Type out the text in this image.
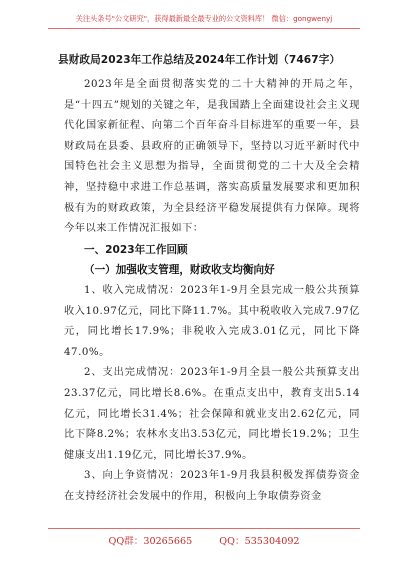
关注头条号"公文研究"，获得最新最全最专业的公文资料库！ 微信：gongwenyj
县财政局2023年工作总结及2024年工作计划（7467字）

2023年是全面贯彻落实党的二十大精神的开局之年，是“十四五”规划的关键之年，是我国踏上全面建设社会主义现代化国家新征程、向第二个百年奋斗目标进军的重要一年，县财政局在县委、县政府的正确领导下，坚持以习近平新时代中国特色社会主义思想为指导，全面贯彻党的二十大及全会精神，坚持稳中求进工作总基调，落实高质量发展要求和更加积极有为的财政政策，为全县经济平稳发展提供有力保障。现将今年以来工作情况汇报如下：

一、2023年工作回顾

（一）加强收支管理，财政收支均衡向好

1、收入完成情况：2023年1-9月全县完成一般公共预算收入10.97亿元，同比下降11.7%。其中税收收入完成7.97亿元，同比增长17.9%；非税收入完成3.01亿元，同比下降47.0%。

2、支出完成情况：2023年1-9月全县一般公共预算支出23.37亿元，同比增长8.6%。在重点支出中，教育支出5.14亿元，同比增长31.4%；社会保障和就业支出2.62亿元，同比下降8.2%；农林水支出3.53亿元，同比增长19.2%；卫生健康支出1.19亿元，同比增长37.9%。

3、向上争资情况：2023年1-9月我县积极发挥债券资金在支持经济社会发展中的作用，积极向上争取债券资金

QQ群：30265665	QQ：535304092
